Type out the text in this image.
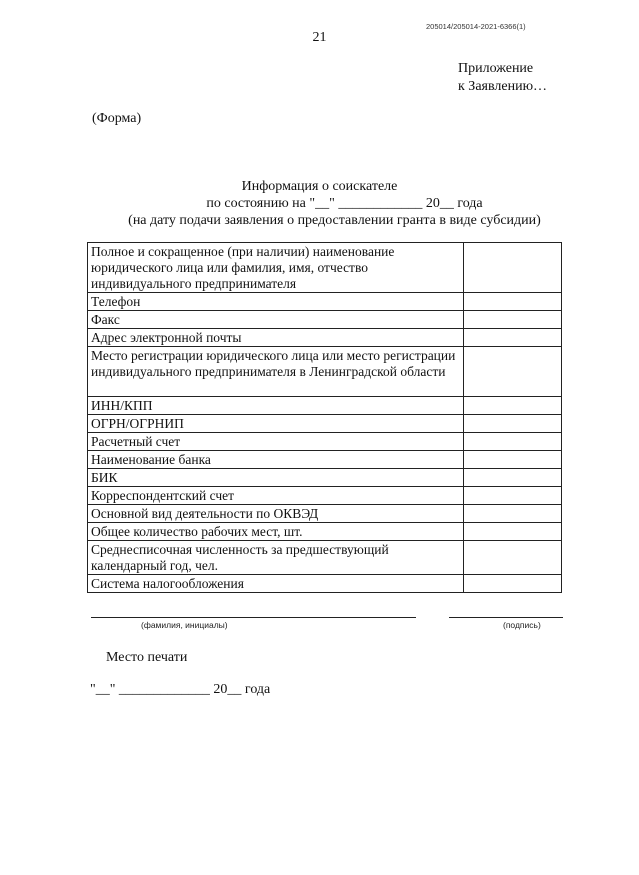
205014/205014-2021-6366(1)
21
Приложение
к Заявлению…
(Форма)
Информация о соискателе
по состоянию на "__" ____________ 20__ года
(на дату подачи заявления о предоставлении гранта в виде субсидии)
Полное и сокращенное (при наличии) наименование юридического лица или фамилия, имя, отчество индивидуального предпринимателя	
Телефон	
Факс	
Адрес электронной почты	
Место регистрации юридического лица или место регистрации индивидуального предпринимателя в Ленинградской области	
ИНН/КПП	
ОГРН/ОГРНИП	
Расчетный счет	
Наименование банка	
БИК	
Корреспондентский счет	
Основной вид деятельности по ОКВЭД	
Общее количество рабочих мест, шт.	
Среднесписочная численность за предшествующий календарный год, чел.	
Система налогообложения	
(фамилия, инициалы)	(подпись)
Место печати
"__" _____________ 20__ года
